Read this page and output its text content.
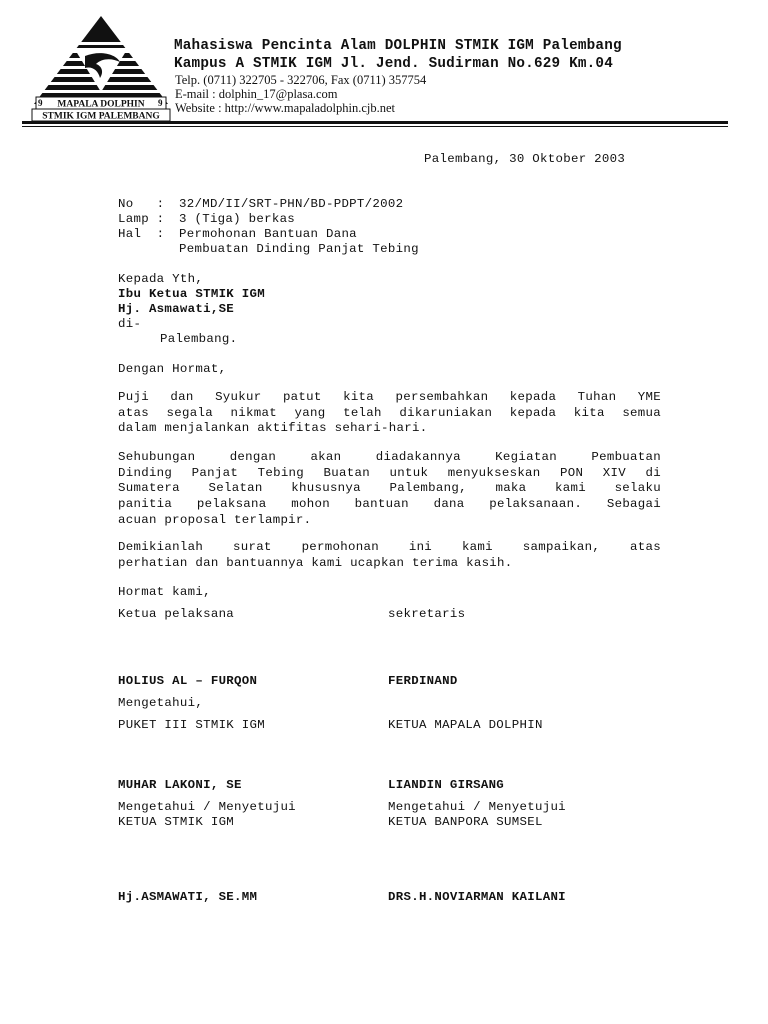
9 MAPALA DOLPHIN 9
STMIK IGM PALEMBANG
Mahasiswa Pencinta Alam DOLPHIN STMIK IGM Palembang
Kampus A STMIK IGM Jl. Jend. Sudirman No.629 Km.04
Telp. (0711) 322705 - 322706, Fax (0711) 357754
E-mail : dolphin_17@plasa.com
Website : http://www.mapaladolphin.cjb.net
Palembang, 30 Oktober 2003
No   : 32/MD/II/SRT-PHN/BD-PDPT/2002
Lamp : 3 (Tiga) berkas
Hal  : Permohonan Bantuan Dana
Pembuatan Dinding Panjat Tebing
Kepada Yth,
Ibu Ketua STMIK IGM
Hj. Asmawati,SE
di-
Palembang.
Dengan Hormat,
Puji dan Syukur patut kita persembahkan kepada Tuhan YME
atas segala nikmat yang telah dikaruniakan kepada kita semua
dalam menjalankan aktifitas sehari-hari.
Sehubungan dengan akan diadakannya Kegiatan Pembuatan
Dinding Panjat Tebing Buatan untuk menyukseskan PON XIV di
Sumatera Selatan khususnya Palembang, maka kami selaku
panitia pelaksana mohon bantuan dana pelaksanaan. Sebagai
acuan proposal terlampir.
Demikianlah surat permohonan ini kami sampaikan, atas
perhatian dan bantuannya kami ucapkan terima kasih.
Hormat kami,
Ketua pelaksana	sekretaris
HOLIUS AL – FURQON	FERDINAND
Mengetahui,
PUKET III STMIK IGM	KETUA MAPALA DOLPHIN
MUHAR LAKONI, SE	LIANDIN GIRSANG
Mengetahui / Menyetujui	Mengetahui / Menyetujui
KETUA STMIK IGM	KETUA BANPORA SUMSEL
Hj.ASMAWATI, SE.MM	DRS.H.NOVIARMAN KAILANI
